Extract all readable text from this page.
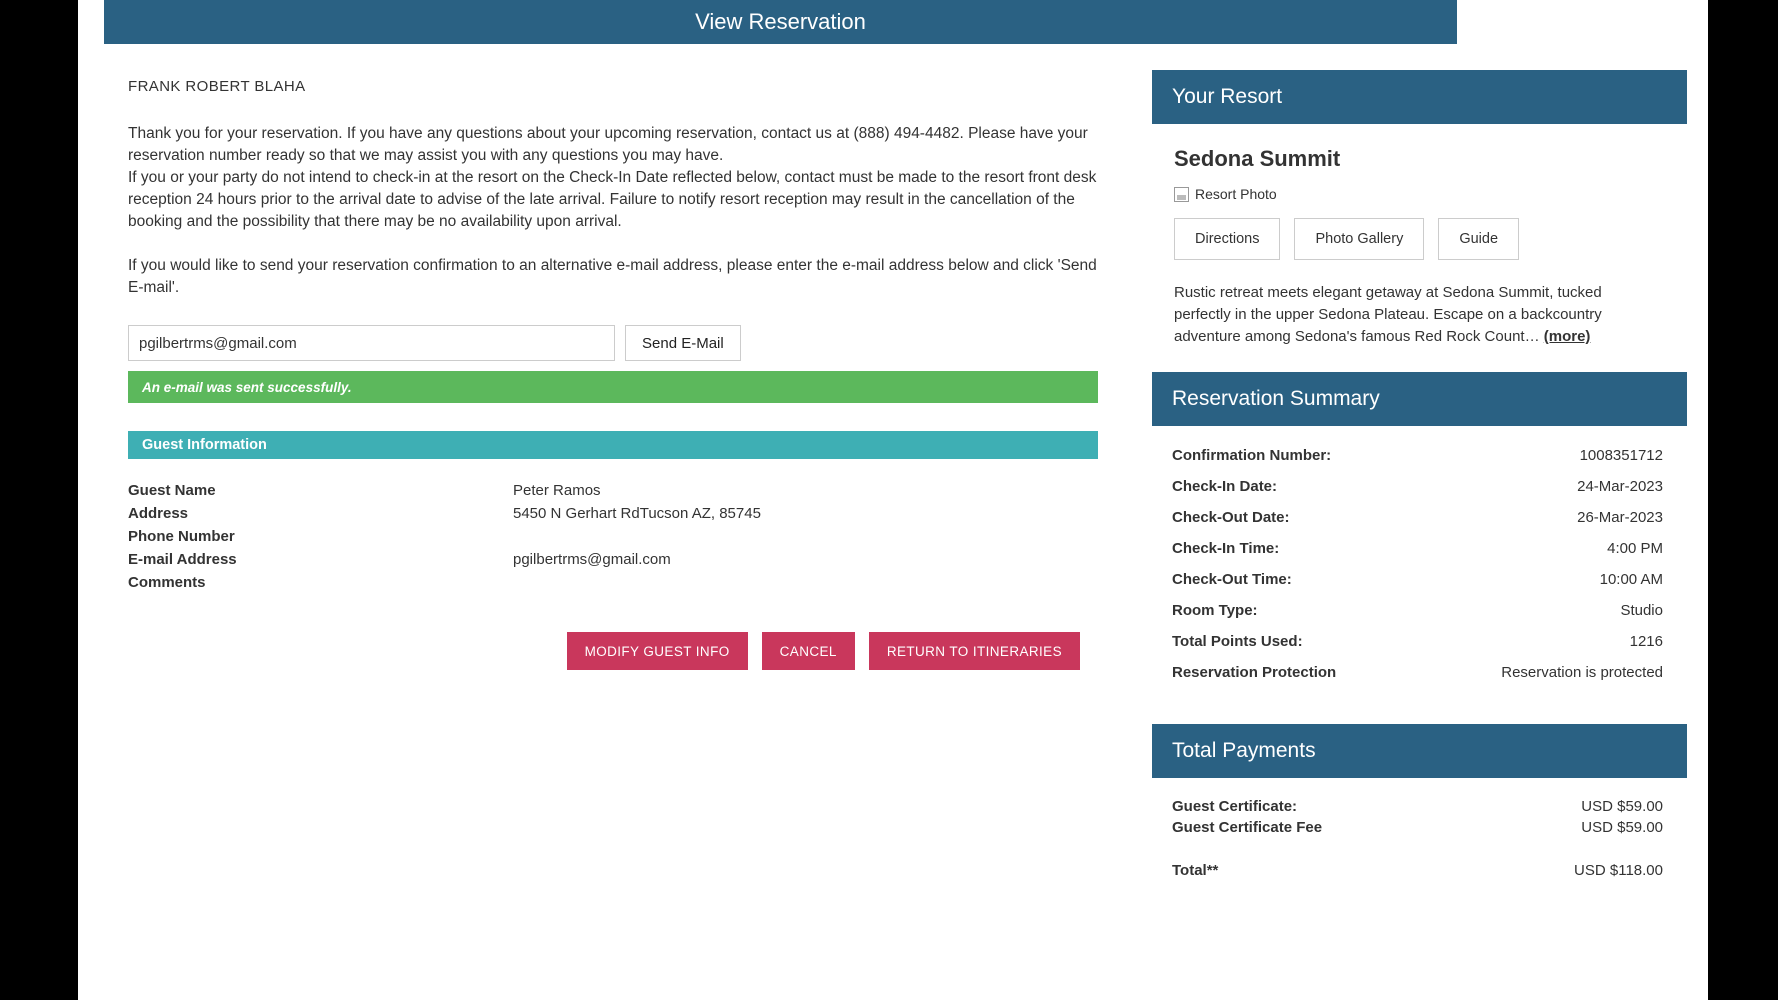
View Reservation
FRANK ROBERT BLAHA
Thank you for your reservation. If you have any questions about your upcoming reservation, contact us at (888) 494-4482. Please have your reservation number ready so that we may assist you with any questions you may have.
If you or your party do not intend to check-in at the resort on the Check-In Date reflected below, contact must be made to the resort front desk reception 24 hours prior to the arrival date to advise of the late arrival. Failure to notify resort reception may result in the cancellation of the booking and the possibility that there may be no availability upon arrival.
If you would like to send your reservation confirmation to an alternative e-mail address, please enter the e-mail address below and click 'Send E-mail'.
pgilbertrms@gmail.com
Send E-Mail
An e-mail was sent successfully.
Guest Information
Guest Name	Peter Ramos
Address	5450 N Gerhart RdTucson AZ, 85745
Phone Number
E-mail Address	pgilbertrms@gmail.com
Comments
MODIFY GUEST INFO	CANCEL	RETURN TO ITINERARIES
Your Resort
Sedona Summit
Resort Photo
Directions	Photo Gallery	Guide
Rustic retreat meets elegant getaway at Sedona Summit, tucked perfectly in the upper Sedona Plateau. Escape on a backcountry adventure among Sedona's famous Red Rock Count… (more)
Reservation Summary
Confirmation Number:	1008351712
Check-In Date:	24-Mar-2023
Check-Out Date:	26-Mar-2023
Check-In Time:	4:00 PM
Check-Out Time:	10:00 AM
Room Type:	Studio
Total Points Used:	1216
Reservation Protection	Reservation is protected
Total Payments
Guest Certificate:	USD $59.00
Guest Certificate Fee	USD $59.00
Total**	USD $118.00
